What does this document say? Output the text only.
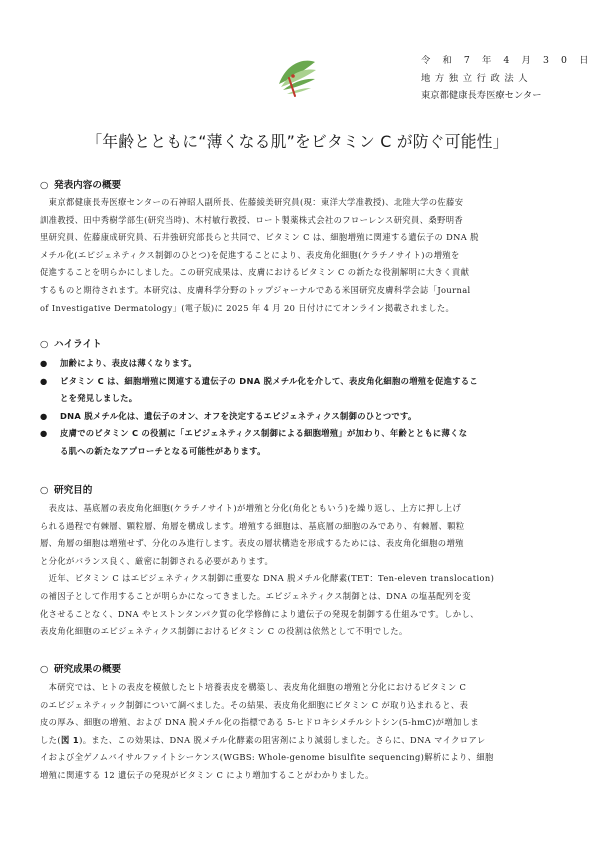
令 和 7 年 4 月 3 0 日
地方独立行政法人
東京都健康長寿医療センター
「年齢とともに“薄くなる肌”をビタミン C が防ぐ可能性」
○ 発表内容の概要
　東京都健康長寿医療センターの石神昭人副所長、佐藤綾美研究員(現：東洋大学准教授)、北陸大学の佐藤安
訓准教授、田中秀樹学部生(研究当時)、木村敏行教授、ロート製薬株式会社のフローレンス研究員、桑野明香
里研究員、佐藤康成研究員、石井強研究部長らと共同で、ビタミン C は、細胞増殖に関連する遺伝子の DNA 脱
メチル化(エピジェネティクス制御のひとつ)を促進することにより、表皮角化細胞(ケラチノサイト)の増殖を
促進することを明らかにしました。この研究成果は、皮膚におけるビタミン C の新たな役割解明に大きく貢献
するものと期待されます。本研究は、皮膚科学分野のトップジャーナルである米国研究皮膚科学会誌「Journal
of Investigative Dermatology」(電子版)に 2025 年 4 月 20 日付けにてオンライン掲載されました。
○ ハイライト
●	加齢により、表皮は薄くなります。
●	ビタミン C は、細胞増殖に関連する遺伝子の DNA 脱メチル化を介して、表皮角化細胞の増殖を促進するこ
とを発見しました。
●	DNA 脱メチル化は、遺伝子のオン、オフを決定するエピジェネティクス制御のひとつです。
●	皮膚でのビタミン C の役割に「エピジェネティクス制御による細胞増殖」が加わり、年齢とともに薄くな
る肌への新たなアプローチとなる可能性があります。
○ 研究目的
　表皮は、基底層の表皮角化細胞(ケラチノサイト)が増殖と分化(角化ともいう)を繰り返し、上方に押し上げ
られる過程で有棘層、顆粒層、角層を構成します。増殖する細胞は、基底層の細胞のみであり、有棘層、顆粒
層、角層の細胞は増殖せず、分化のみ進行します。表皮の層状構造を形成するためには、表皮角化細胞の増殖
と分化がバランス良く、厳密に制御される必要があります。
　近年、ビタミン C はエピジェネティクス制御に重要な DNA 脱メチル化酵素(TET：Ten-eleven translocation)
の補因子として作用することが明らかになってきました。エピジェネティクス制御とは、DNA の塩基配列を変
化させることなく、DNA やヒストンタンパク質の化学修飾により遺伝子の発現を制御する仕組みです。しかし、
表皮角化細胞のエピジェネティクス制御におけるビタミン C の役割は依然として不明でした。
○ 研究成果の概要
　本研究では、ヒトの表皮を模倣したヒト培養表皮を構築し、表皮角化細胞の増殖と分化におけるビタミン C
のエピジェネティック制御について調べました。その結果、表皮角化細胞にビタミン C が取り込まれると、表
皮の厚み、細胞の増殖、および DNA 脱メチル化の指標である 5-ヒドロキシメチルシトシン(5-hmC)が増加しま
した(図 1)。また、この効果は、DNA 脱メチル化酵素の阻害剤により減弱しました。さらに、DNA マイクロアレ
イおよび全ゲノムバイサルファイトシーケンス(WGBS: Whole-genome bisulfite sequencing)解析により、細胞
増殖に関連する 12 遺伝子の発現がビタミン C により増加することがわかりました。
